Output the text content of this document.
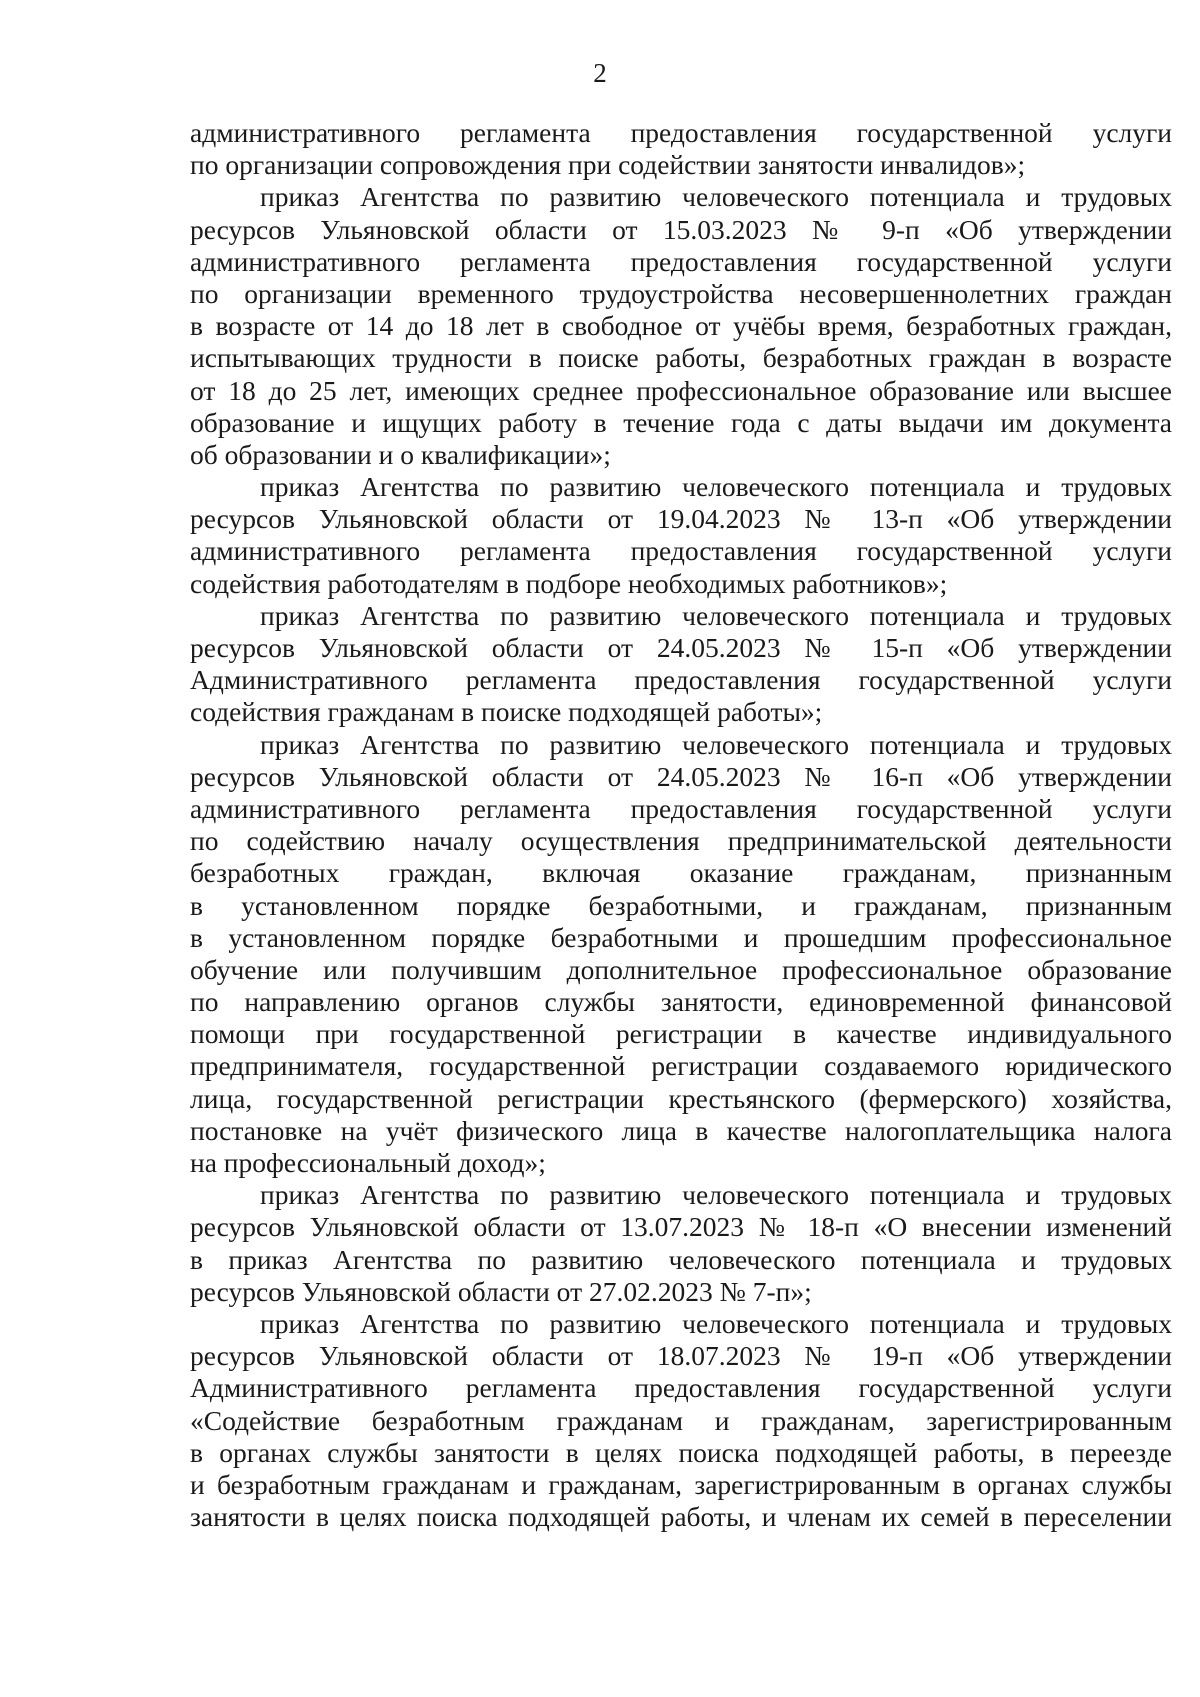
2
административного регламента предоставления государственной услуги
по организации сопровождения при содействии занятости инвалидов»;
приказ Агентства по развитию человеческого потенциала и трудовых
ресурсов Ульяновской области от 15.03.2023 № 9-п «Об утверждении
административного регламента предоставления государственной услуги
по организации временного трудоустройства несовершеннолетних граждан
в возрасте от 14 до 18 лет в свободное от учёбы время, безработных граждан,
испытывающих трудности в поиске работы, безработных граждан в возрасте
от 18 до 25 лет, имеющих среднее профессиональное образование или высшее
образование и ищущих работу в течение года с даты выдачи им документа
об образовании и о квалификации»;
приказ Агентства по развитию человеческого потенциала и трудовых
ресурсов Ульяновской области от 19.04.2023 № 13-п «Об утверждении
административного регламента предоставления государственной услуги
содействия работодателям в подборе необходимых работников»;
приказ Агентства по развитию человеческого потенциала и трудовых
ресурсов Ульяновской области от 24.05.2023 № 15-п «Об утверждении
Административного регламента предоставления государственной услуги
содействия гражданам в поиске подходящей работы»;
приказ Агентства по развитию человеческого потенциала и трудовых
ресурсов Ульяновской области от 24.05.2023 № 16-п «Об утверждении
административного регламента предоставления государственной услуги
по содействию началу осуществления предпринимательской деятельности
безработных граждан, включая оказание гражданам, признанным
в установленном порядке безработными, и гражданам, признанным
в установленном порядке безработными и прошедшим профессиональное
обучение или получившим дополнительное профессиональное образование
по направлению органов службы занятости, единовременной финансовой
помощи при государственной регистрации в качестве индивидуального
предпринимателя, государственной регистрации создаваемого юридического
лица, государственной регистрации крестьянского (фермерского) хозяйства,
постановке на учёт физического лица в качестве налогоплательщика налога
на профессиональный доход»;
приказ Агентства по развитию человеческого потенциала и трудовых
ресурсов Ульяновской области от 13.07.2023 № 18-п «О внесении изменений
в приказ Агентства по развитию человеческого потенциала и трудовых
ресурсов Ульяновской области от 27.02.2023 № 7-п»;
приказ Агентства по развитию человеческого потенциала и трудовых
ресурсов Ульяновской области от 18.07.2023 № 19-п «Об утверждении
Административного регламента предоставления государственной услуги
«Содействие безработным гражданам и гражданам, зарегистрированным
в органах службы занятости в целях поиска подходящей работы, в переезде
и безработным гражданам и гражданам, зарегистрированным в органах службы
занятости в целях поиска подходящей работы, и членам их семей в переселении
